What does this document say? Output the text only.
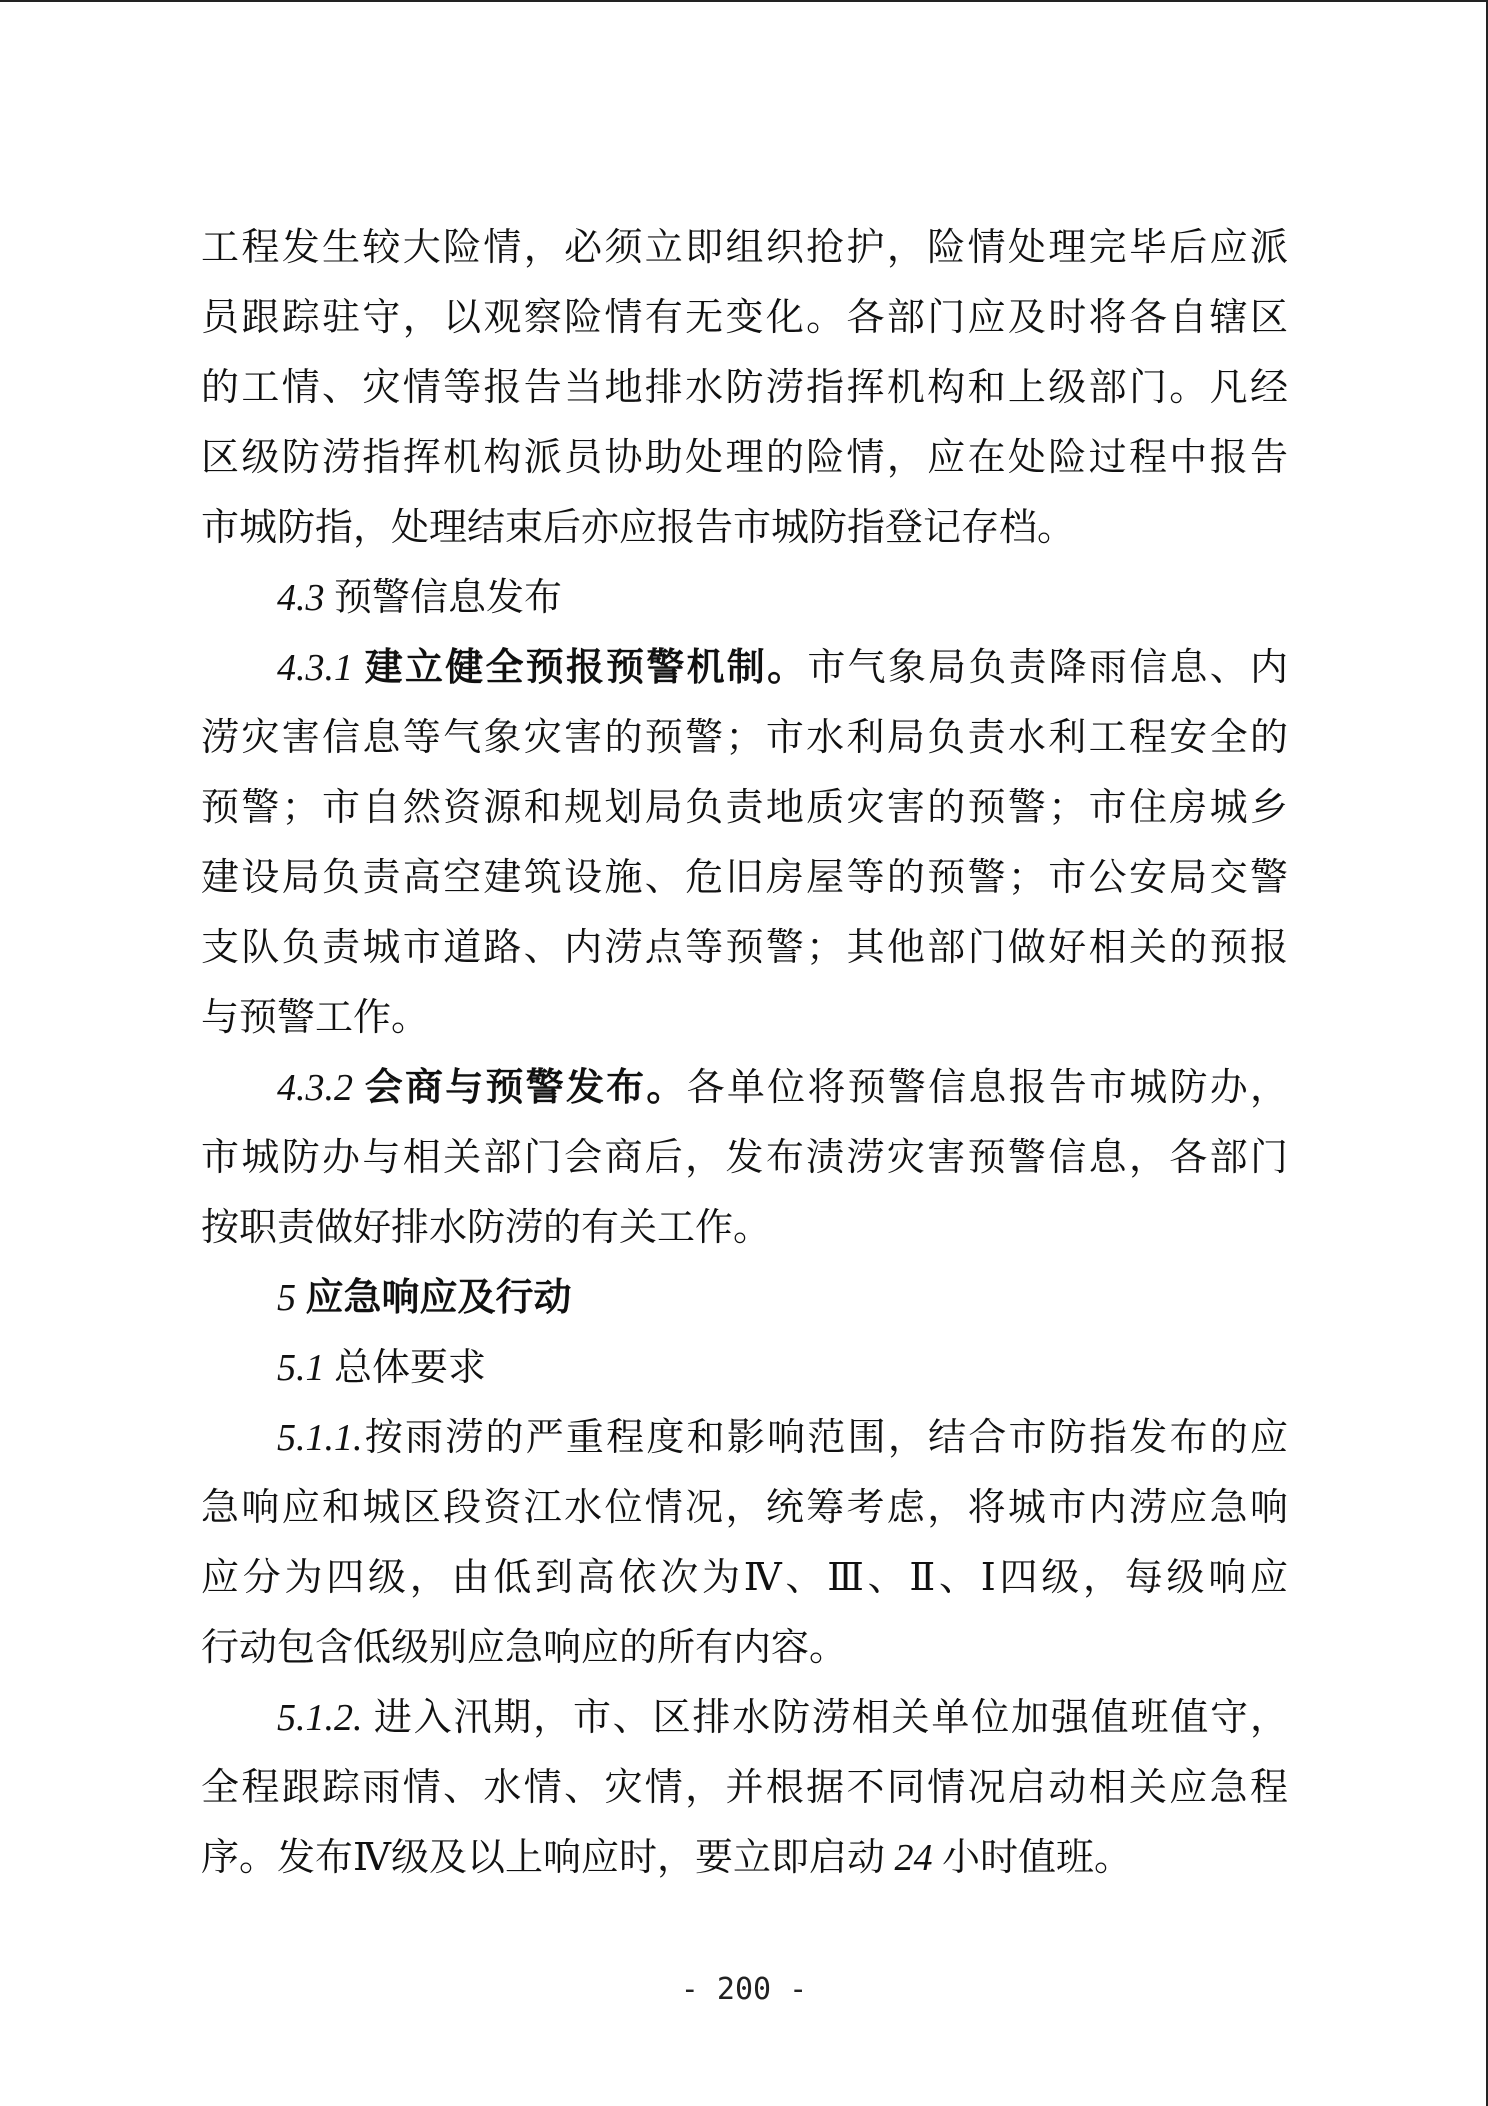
工程发生较大险情，必须立即组织抢护，险情处理完毕后应派
员跟踪驻守，以观察险情有无变化。各部门应及时将各自辖区
的工情、灾情等报告当地排水防涝指挥机构和上级部门。凡经
区级防涝指挥机构派员协助处理的险情，应在处险过程中报告
市城防指，处理结束后亦应报告市城防指登记存档。
4.3 预警信息发布
4.3.1 建立健全预报预警机制。市气象局负责降雨信息、内
涝灾害信息等气象灾害的预警；市水利局负责水利工程安全的
预警；市自然资源和规划局负责地质灾害的预警；市住房城乡
建设局负责高空建筑设施、危旧房屋等的预警；市公安局交警
支队负责城市道路、内涝点等预警；其他部门做好相关的预报
与预警工作。
4.3.2 会商与预警发布。各单位将预警信息报告市城防办，
市城防办与相关部门会商后，发布渍涝灾害预警信息，各部门
按职责做好排水防涝的有关工作。
5 应急响应及行动
5.1 总体要求
5.1.1.按雨涝的严重程度和影响范围，结合市防指发布的应
急响应和城区段资江水位情况，统筹考虑，将城市内涝应急响
应分为四级，由低到高依次为Ⅳ、Ⅲ、Ⅱ、Ⅰ四级，每级响应
行动包含低级别应急响应的所有内容。
5.1.2. 进入汛期，市、区排水防涝相关单位加强值班值守，
全程跟踪雨情、水情、灾情，并根据不同情况启动相关应急程
序。发布Ⅳ级及以上响应时，要立即启动 24 小时值班。
- 200 -
